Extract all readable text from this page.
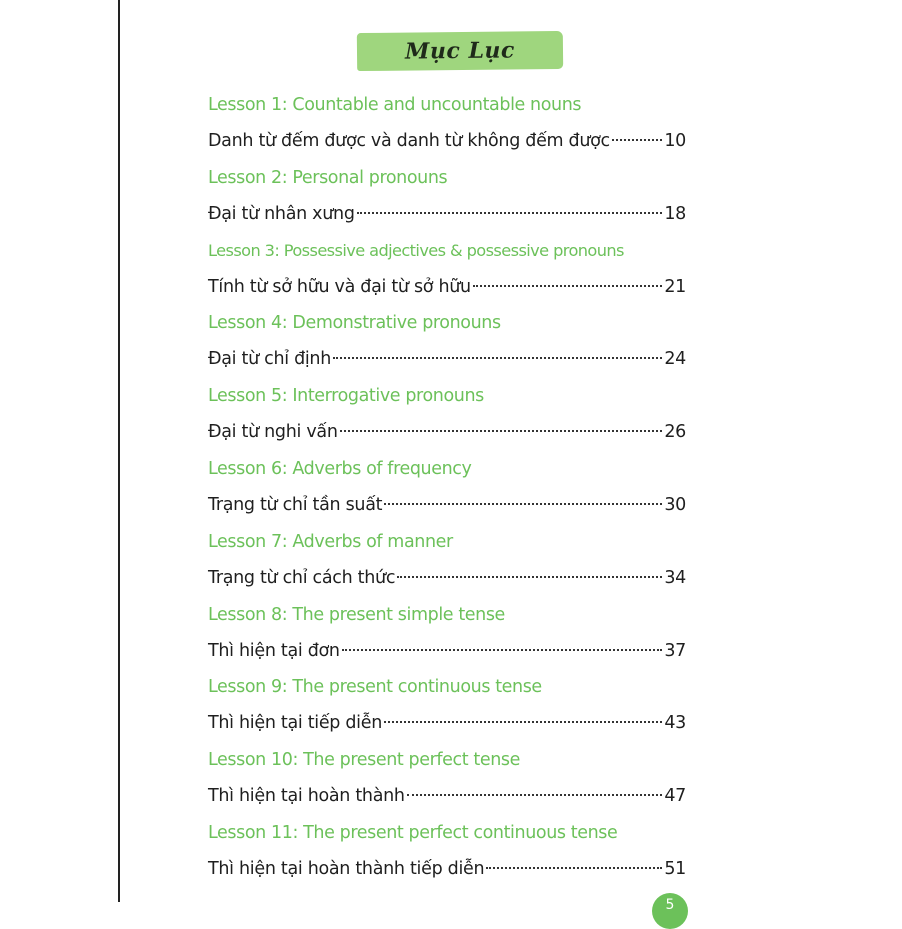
Mục Lục
Lesson 1: Countable and uncountable nouns
Danh từ đếm được và danh từ không đếm được	10
Lesson 2: Personal pronouns
Đại từ nhân xưng	18
Lesson 3: Possessive adjectives & possessive pronouns
Tính từ sở hữu và đại từ sở hữu	21
Lesson 4: Demonstrative pronouns
Đại từ chỉ định	24
Lesson 5: Interrogative pronouns
Đại từ nghi vấn	26
Lesson 6: Adverbs of frequency
Trạng từ chỉ tần suất	30
Lesson 7: Adverbs of manner
Trạng từ chỉ cách thức	34
Lesson 8: The present simple tense
Thì hiện tại đơn	37
Lesson 9: The present continuous tense
Thì hiện tại tiếp diễn	43
Lesson 10: The present perfect tense
Thì hiện tại hoàn thành	47
Lesson 11: The present perfect continuous tense
Thì hiện tại hoàn thành tiếp diễn	51
5
